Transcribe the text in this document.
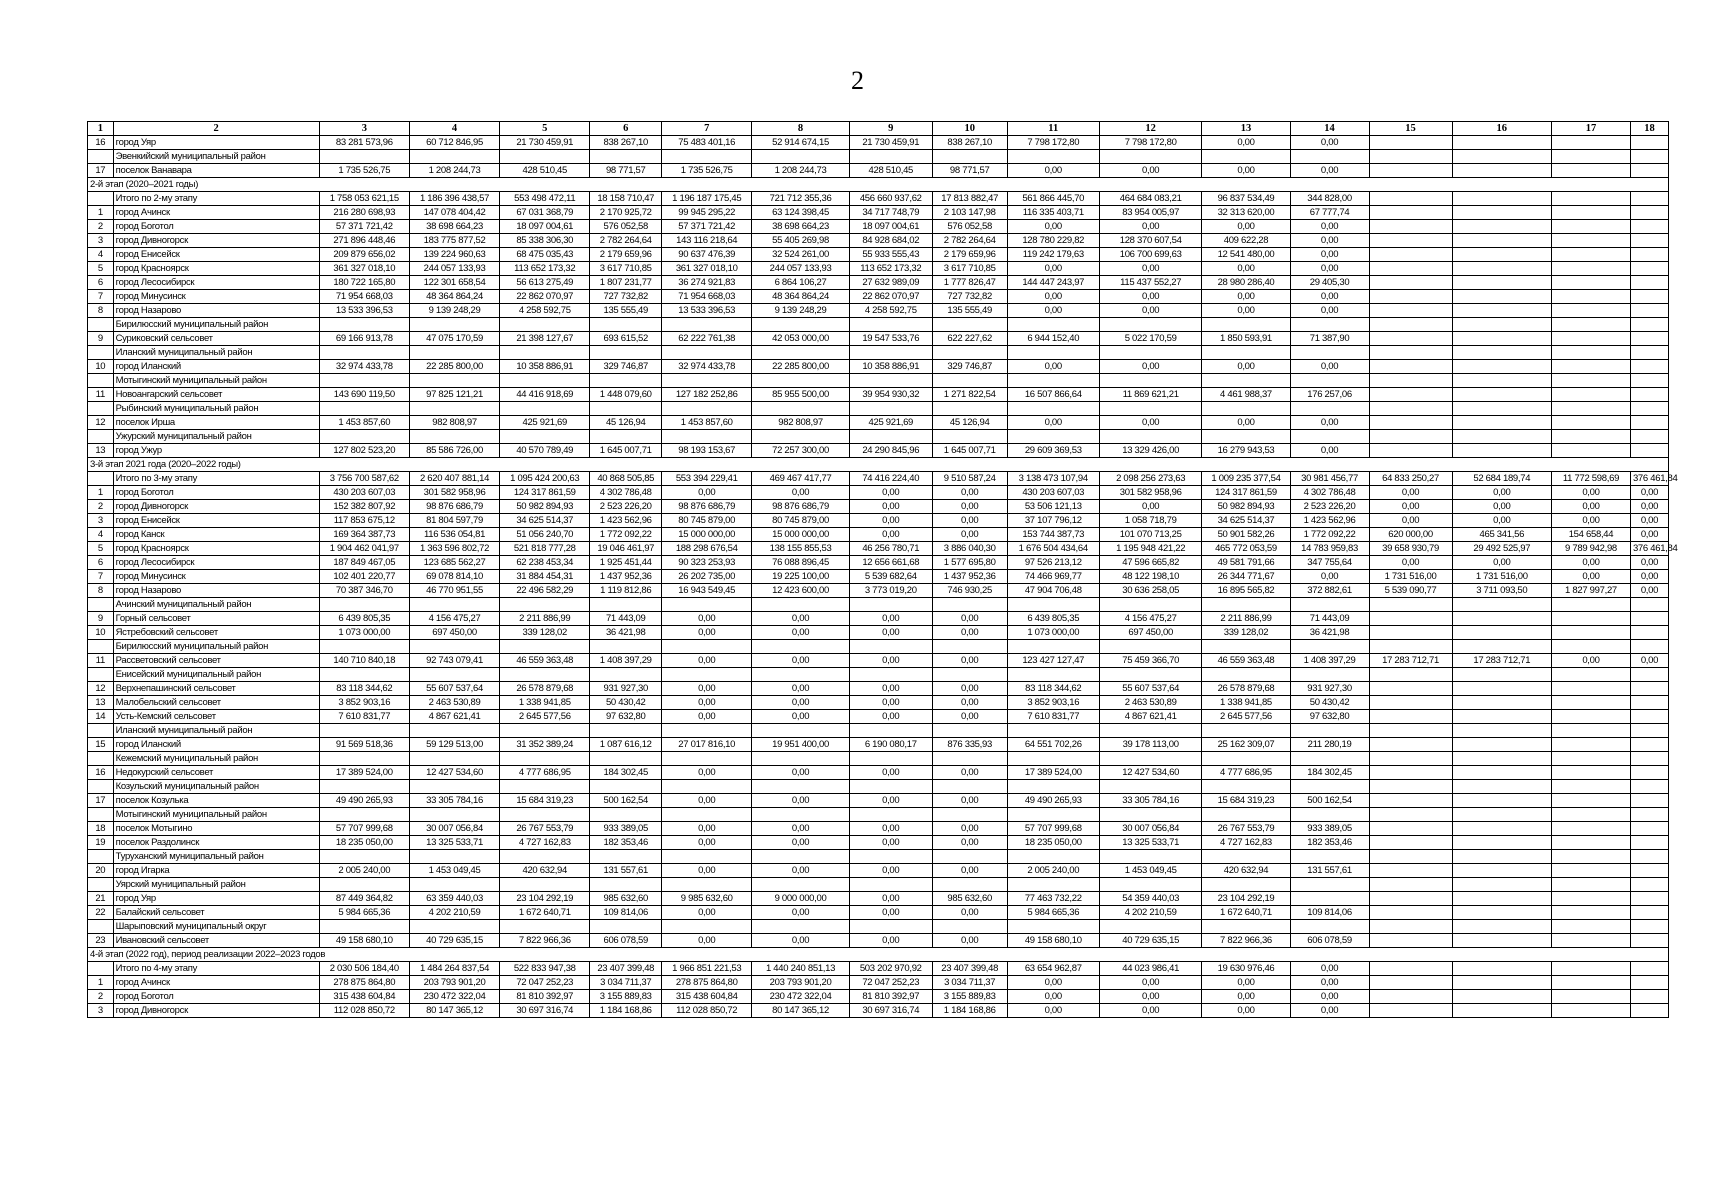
2
1	2	3	4	5	6	7	8	9	10	11	12	13	14	15	16	17	18
16	город Уяр	83 281 573,96	60 712 846,95	21 730 459,91	838 267,10	75 483 401,16	52 914 674,15	21 730 459,91	838 267,10	7 798 172,80	7 798 172,80	0,00	0,00				
	Эвенкийский муниципальный район																
17	поселок Ванавара	1 735 526,75	1 208 244,73	428 510,45	98 771,57	1 735 526,75	1 208 244,73	428 510,45	98 771,57	0,00	0,00	0,00	0,00				
2-й этап (2020–2021 годы)																	
	Итого по 2-му этапу	1 758 053 621,15	1 186 396 438,57	553 498 472,11	18 158 710,47	1 196 187 175,45	721 712 355,36	456 660 937,62	17 813 882,47	561 866 445,70	464 684 083,21	96 837 534,49	344 828,00				
1	город Ачинск	216 280 698,93	147 078 404,42	67 031 368,79	2 170 925,72	99 945 295,22	63 124 398,45	34 717 748,79	2 103 147,98	116 335 403,71	83 954 005,97	32 313 620,00	67 777,74				
2	город Боготол	57 371 721,42	38 698 664,23	18 097 004,61	576 052,58	57 371 721,42	38 698 664,23	18 097 004,61	576 052,58	0,00	0,00	0,00	0,00				
3	город Дивногорск	271 896 448,46	183 775 877,52	85 338 306,30	2 782 264,64	143 116 218,64	55 405 269,98	84 928 684,02	2 782 264,64	128 780 229,82	128 370 607,54	409 622,28	0,00				
4	город Енисейск	209 879 656,02	139 224 960,63	68 475 035,43	2 179 659,96	90 637 476,39	32 524 261,00	55 933 555,43	2 179 659,96	119 242 179,63	106 700 699,63	12 541 480,00	0,00				
5	город Красноярск	361 327 018,10	244 057 133,93	113 652 173,32	3 617 710,85	361 327 018,10	244 057 133,93	113 652 173,32	3 617 710,85	0,00	0,00	0,00	0,00				
6	город Лесосибирск	180 722 165,80	122 301 658,54	56 613 275,49	1 807 231,77	36 274 921,83	6 864 106,27	27 632 989,09	1 777 826,47	144 447 243,97	115 437 552,27	28 980 286,40	29 405,30				
7	город Минусинск	71 954 668,03	48 364 864,24	22 862 070,97	727 732,82	71 954 668,03	48 364 864,24	22 862 070,97	727 732,82	0,00	0,00	0,00	0,00				
8	город Назарово	13 533 396,53	9 139 248,29	4 258 592,75	135 555,49	13 533 396,53	9 139 248,29	4 258 592,75	135 555,49	0,00	0,00	0,00	0,00				
	Бирилюсский муниципальный район																
9	Суриковский сельсовет	69 166 913,78	47 075 170,59	21 398 127,67	693 615,52	62 222 761,38	42 053 000,00	19 547 533,76	622 227,62	6 944 152,40	5 022 170,59	1 850 593,91	71 387,90				
	Иланский муниципальный район																
10	город Иланский	32 974 433,78	22 285 800,00	10 358 886,91	329 746,87	32 974 433,78	22 285 800,00	10 358 886,91	329 746,87	0,00	0,00	0,00	0,00				
	Мотыгинский муниципальный район																
11	Новоангарский сельсовет	143 690 119,50	97 825 121,21	44 416 918,69	1 448 079,60	127 182 252,86	85 955 500,00	39 954 930,32	1 271 822,54	16 507 866,64	11 869 621,21	4 461 988,37	176 257,06				
	Рыбинский муниципальный район																
12	поселок Ирша	1 453 857,60	982 808,97	425 921,69	45 126,94	1 453 857,60	982 808,97	425 921,69	45 126,94	0,00	0,00	0,00	0,00				
	Ужурский муниципальный район																
13	город Ужур	127 802 523,20	85 586 726,00	40 570 789,49	1 645 007,71	98 193 153,67	72 257 300,00	24 290 845,96	1 645 007,71	29 609 369,53	13 329 426,00	16 279 943,53	0,00				
3-й этап 2021 года (2020–2022 годы)																	
	Итого по 3-му этапу	3 756 700 587,62	2 620 407 881,14	1 095 424 200,63	40 868 505,85	553 394 229,41	469 467 417,77	74 416 224,40	9 510 587,24	3 138 473 107,94	2 098 256 273,63	1 009 235 377,54	30 981 456,77	64 833 250,27	52 684 189,74	11 772 598,69	376 461,84
1	город Боготол	430 203 607,03	301 582 958,96	124 317 861,59	4 302 786,48	0,00	0,00	0,00	0,00	430 203 607,03	301 582 958,96	124 317 861,59	4 302 786,48	0,00	0,00	0,00	0,00
2	город Дивногорск	152 382 807,92	98 876 686,79	50 982 894,93	2 523 226,20	98 876 686,79	98 876 686,79	0,00	0,00	53 506 121,13	0,00	50 982 894,93	2 523 226,20	0,00	0,00	0,00	0,00
3	город Енисейск	117 853 675,12	81 804 597,79	34 625 514,37	1 423 562,96	80 745 879,00	80 745 879,00	0,00	0,00	37 107 796,12	1 058 718,79	34 625 514,37	1 423 562,96	0,00	0,00	0,00	0,00
4	город Канск	169 364 387,73	116 536 054,81	51 056 240,70	1 772 092,22	15 000 000,00	15 000 000,00	0,00	0,00	153 744 387,73	101 070 713,25	50 901 582,26	1 772 092,22	620 000,00	465 341,56	154 658,44	0,00
5	город Красноярск	1 904 462 041,97	1 363 596 802,72	521 818 777,28	19 046 461,97	188 298 676,54	138 155 855,53	46 256 780,71	3 886 040,30	1 676 504 434,64	1 195 948 421,22	465 772 053,59	14 783 959,83	39 658 930,79	29 492 525,97	9 789 942,98	376 461,84
6	город Лесосибирск	187 849 467,05	123 685 562,27	62 238 453,34	1 925 451,44	90 323 253,93	76 088 896,45	12 656 661,68	1 577 695,80	97 526 213,12	47 596 665,82	49 581 791,66	347 755,64	0,00	0,00	0,00	0,00
7	город Минусинск	102 401 220,77	69 078 814,10	31 884 454,31	1 437 952,36	26 202 735,00	19 225 100,00	5 539 682,64	1 437 952,36	74 466 969,77	48 122 198,10	26 344 771,67	0,00	1 731 516,00	1 731 516,00	0,00	0,00
8	город Назарово	70 387 346,70	46 770 951,55	22 496 582,29	1 119 812,86	16 943 549,45	12 423 600,00	3 773 019,20	746 930,25	47 904 706,48	30 636 258,05	16 895 565,82	372 882,61	5 539 090,77	3 711 093,50	1 827 997,27	0,00
	Ачинский муниципальный район																
9	Горный сельсовет	6 439 805,35	4 156 475,27	2 211 886,99	71 443,09	0,00	0,00	0,00	0,00	6 439 805,35	4 156 475,27	2 211 886,99	71 443,09				
10	Ястребовский сельсовет	1 073 000,00	697 450,00	339 128,02	36 421,98	0,00	0,00	0,00	0,00	1 073 000,00	697 450,00	339 128,02	36 421,98				
	Бирилюсский муниципальный район																
11	Рассветовский сельсовет	140 710 840,18	92 743 079,41	46 559 363,48	1 408 397,29	0,00	0,00	0,00	0,00	123 427 127,47	75 459 366,70	46 559 363,48	1 408 397,29	17 283 712,71	17 283 712,71	0,00	0,00
	Енисейский муниципальный район																
12	Верхнепашинский сельсовет	83 118 344,62	55 607 537,64	26 578 879,68	931 927,30	0,00	0,00	0,00	0,00	83 118 344,62	55 607 537,64	26 578 879,68	931 927,30				
13	Малобельский сельсовет	3 852 903,16	2 463 530,89	1 338 941,85	50 430,42	0,00	0,00	0,00	0,00	3 852 903,16	2 463 530,89	1 338 941,85	50 430,42				
14	Усть-Кемский сельсовет	7 610 831,77	4 867 621,41	2 645 577,56	97 632,80	0,00	0,00	0,00	0,00	7 610 831,77	4 867 621,41	2 645 577,56	97 632,80				
	Иланский муниципальный район																
15	город Иланский	91 569 518,36	59 129 513,00	31 352 389,24	1 087 616,12	27 017 816,10	19 951 400,00	6 190 080,17	876 335,93	64 551 702,26	39 178 113,00	25 162 309,07	211 280,19				
	Кежемский муниципальный район																
16	Недокурский сельсовет	17 389 524,00	12 427 534,60	4 777 686,95	184 302,45	0,00	0,00	0,00	0,00	17 389 524,00	12 427 534,60	4 777 686,95	184 302,45				
	Козульский муниципальный район																
17	поселок Козулька	49 490 265,93	33 305 784,16	15 684 319,23	500 162,54	0,00	0,00	0,00	0,00	49 490 265,93	33 305 784,16	15 684 319,23	500 162,54				
	Мотыгинский муниципальный район																
18	поселок Мотыгино	57 707 999,68	30 007 056,84	26 767 553,79	933 389,05	0,00	0,00	0,00	0,00	57 707 999,68	30 007 056,84	26 767 553,79	933 389,05				
19	поселок Раздолинск	18 235 050,00	13 325 533,71	4 727 162,83	182 353,46	0,00	0,00	0,00	0,00	18 235 050,00	13 325 533,71	4 727 162,83	182 353,46				
	Туруханский муниципальный район																
20	город Игарка	2 005 240,00	1 453 049,45	420 632,94	131 557,61	0,00	0,00	0,00	0,00	2 005 240,00	1 453 049,45	420 632,94	131 557,61				
	Уярский муниципальный район																
21	город Уяр	87 449 364,82	63 359 440,03	23 104 292,19	985 632,60	9 985 632,60	9 000 000,00	0,00	985 632,60	77 463 732,22	54 359 440,03	23 104 292,19					
22	Балайский сельсовет	5 984 665,36	4 202 210,59	1 672 640,71	109 814,06	0,00	0,00	0,00	0,00	5 984 665,36	4 202 210,59	1 672 640,71	109 814,06				
	Шарыповский муниципальный округ																
23	Ивановский сельсовет	49 158 680,10	40 729 635,15	7 822 966,36	606 078,59	0,00	0,00	0,00	0,00	49 158 680,10	40 729 635,15	7 822 966,36	606 078,59				
4-й этап (2022 год), период реализации 2022–2023 годов																	
	Итого по 4-му этапу	2 030 506 184,40	1 484 264 837,54	522 833 947,38	23 407 399,48	1 966 851 221,53	1 440 240 851,13	503 202 970,92	23 407 399,48	63 654 962,87	44 023 986,41	19 630 976,46	0,00				
1	город Ачинск	278 875 864,80	203 793 901,20	72 047 252,23	3 034 711,37	278 875 864,80	203 793 901,20	72 047 252,23	3 034 711,37	0,00	0,00	0,00	0,00				
2	город Боготол	315 438 604,84	230 472 322,04	81 810 392,97	3 155 889,83	315 438 604,84	230 472 322,04	81 810 392,97	3 155 889,83	0,00	0,00	0,00	0,00				
3	город Дивногорск	112 028 850,72	80 147 365,12	30 697 316,74	1 184 168,86	112 028 850,72	80 147 365,12	30 697 316,74	1 184 168,86	0,00	0,00	0,00	0,00				
